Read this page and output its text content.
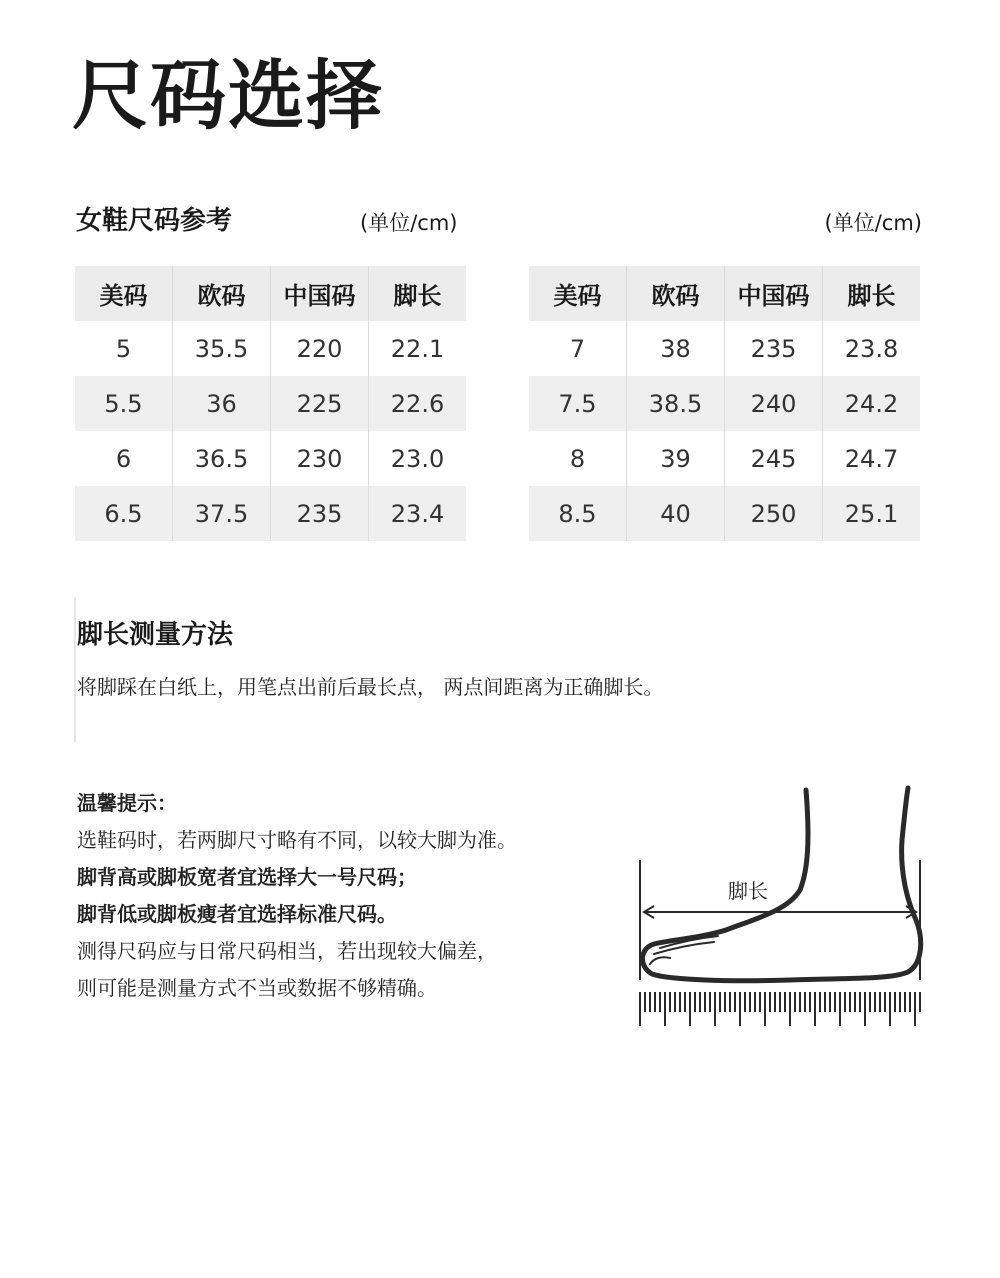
尺码选择
女鞋尺码参考	(单位/cm)	(单位/cm)
美码	欧码	中国码	脚长
5	35.5	220	22.1
5.5	36	225	22.6
6	36.5	230	23.0
6.5	37.5	235	23.4
美码	欧码	中国码	脚长
7	38	235	23.8
7.5	38.5	240	24.2
8	39	245	24.7
8.5	40	250	25.1
脚长测量方法
将脚踩在白纸上，用笔点出前后最长点， 两点间距离为正确脚长。
温馨提示：
选鞋码时，若两脚尺寸略有不同，以较大脚为准。
脚背高或脚板宽者宜选择大一号尺码；
脚背低或脚板瘦者宜选择标准尺码。
测得尺码应与日常尺码相当，若出现较大偏差，
则可能是测量方式不当或数据不够精确。
脚长
